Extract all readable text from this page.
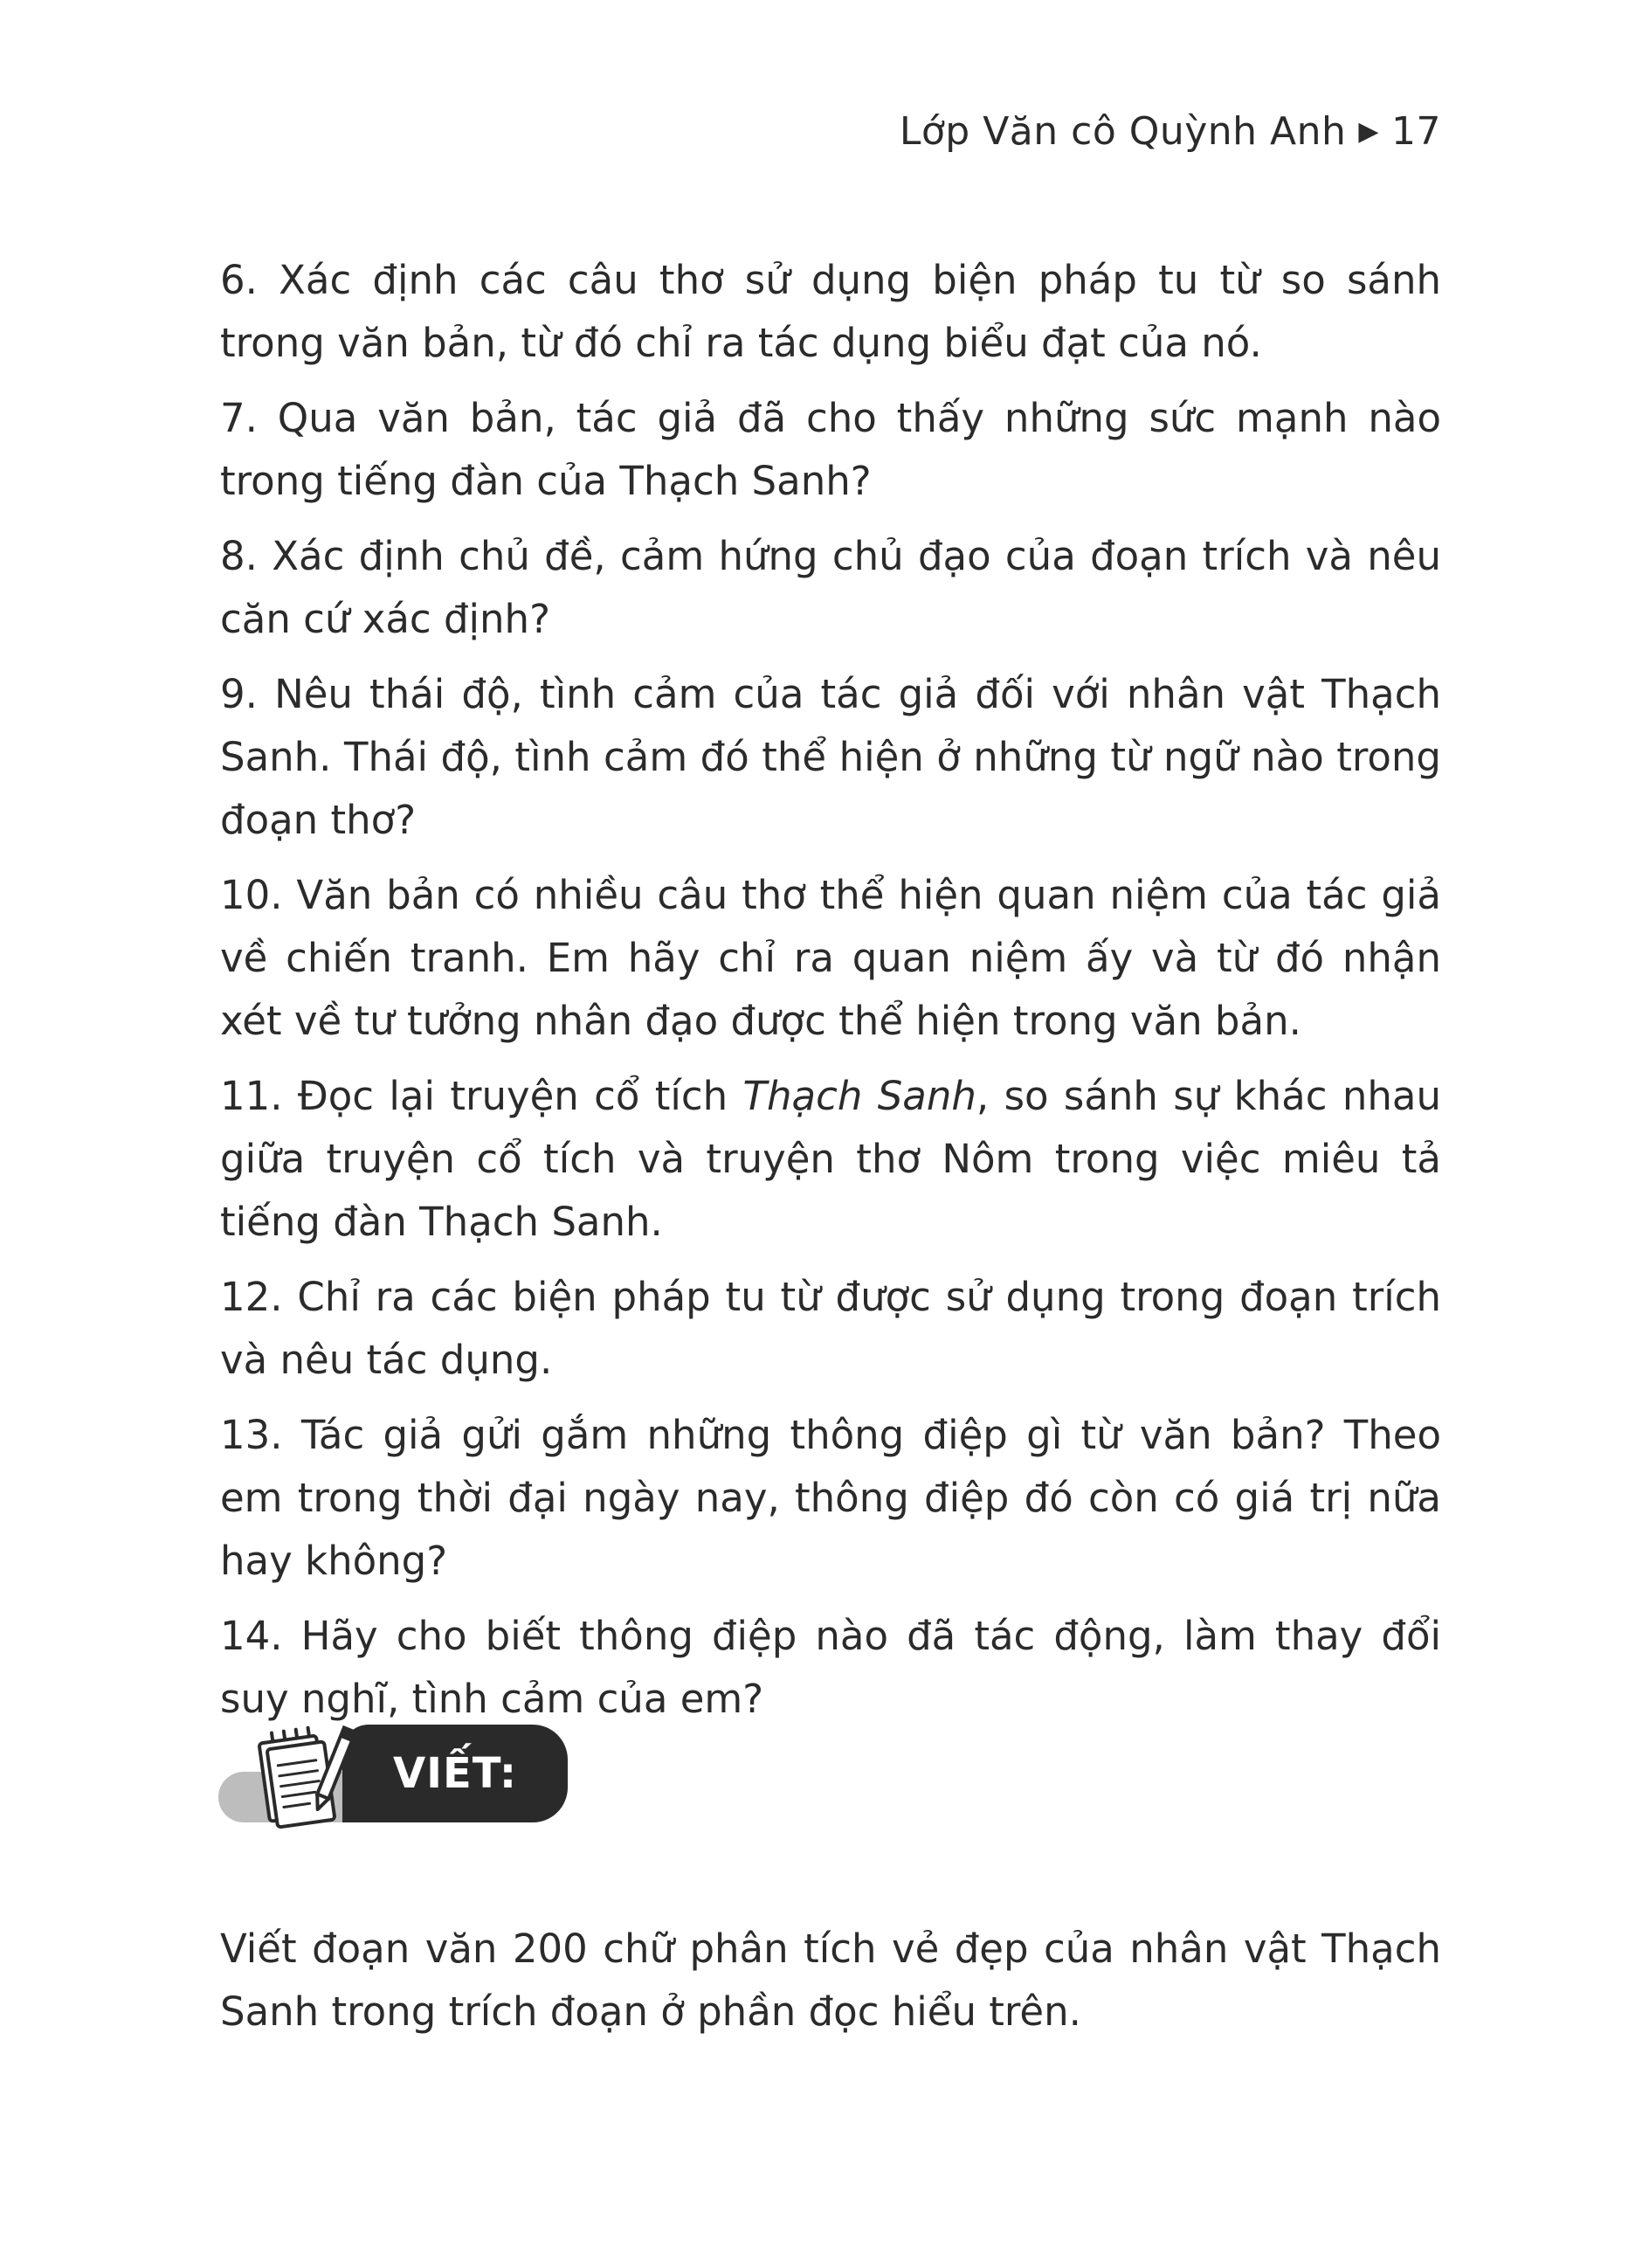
Lớp Văn cô Quỳnh Anh ▶ 17

6. Xác định các câu thơ sử dụng biện pháp tu từ so sánh trong văn bản, từ đó chỉ ra tác dụng biểu đạt của nó.

7. Qua văn bản, tác giả đã cho thấy những sức mạnh nào trong tiếng đàn của Thạch Sanh?

8. Xác định chủ đề, cảm hứng chủ đạo của đoạn trích và nêu căn cứ xác định?

9. Nêu thái độ, tình cảm của tác giả đối với nhân vật Thạch Sanh. Thái độ, tình cảm đó thể hiện ở những từ ngữ nào trong đoạn thơ?

10. Văn bản có nhiều câu thơ thể hiện quan niệm của tác giả về chiến tranh. Em hãy chỉ ra quan niệm ấy và từ đó nhận xét về tư tưởng nhân đạo được thể hiện trong văn bản.

11. Đọc lại truyện cổ tích Thạch Sanh, so sánh sự khác nhau giữa truyện cổ tích và truyện thơ Nôm trong việc miêu tả tiếng đàn Thạch Sanh.

12. Chỉ ra các biện pháp tu từ được sử dụng trong đoạn trích và nêu tác dụng.

13. Tác giả gửi gắm những thông điệp gì từ văn bản? Theo em trong thời đại ngày nay, thông điệp đó còn có giá trị nữa hay không?

14. Hãy cho biết thông điệp nào đã tác động, làm thay đổi suy nghĩ, tình cảm của em?

VIẾT:

Viết đoạn văn 200 chữ phân tích vẻ đẹp của nhân vật Thạch Sanh trong trích đoạn ở phần đọc hiểu trên.
